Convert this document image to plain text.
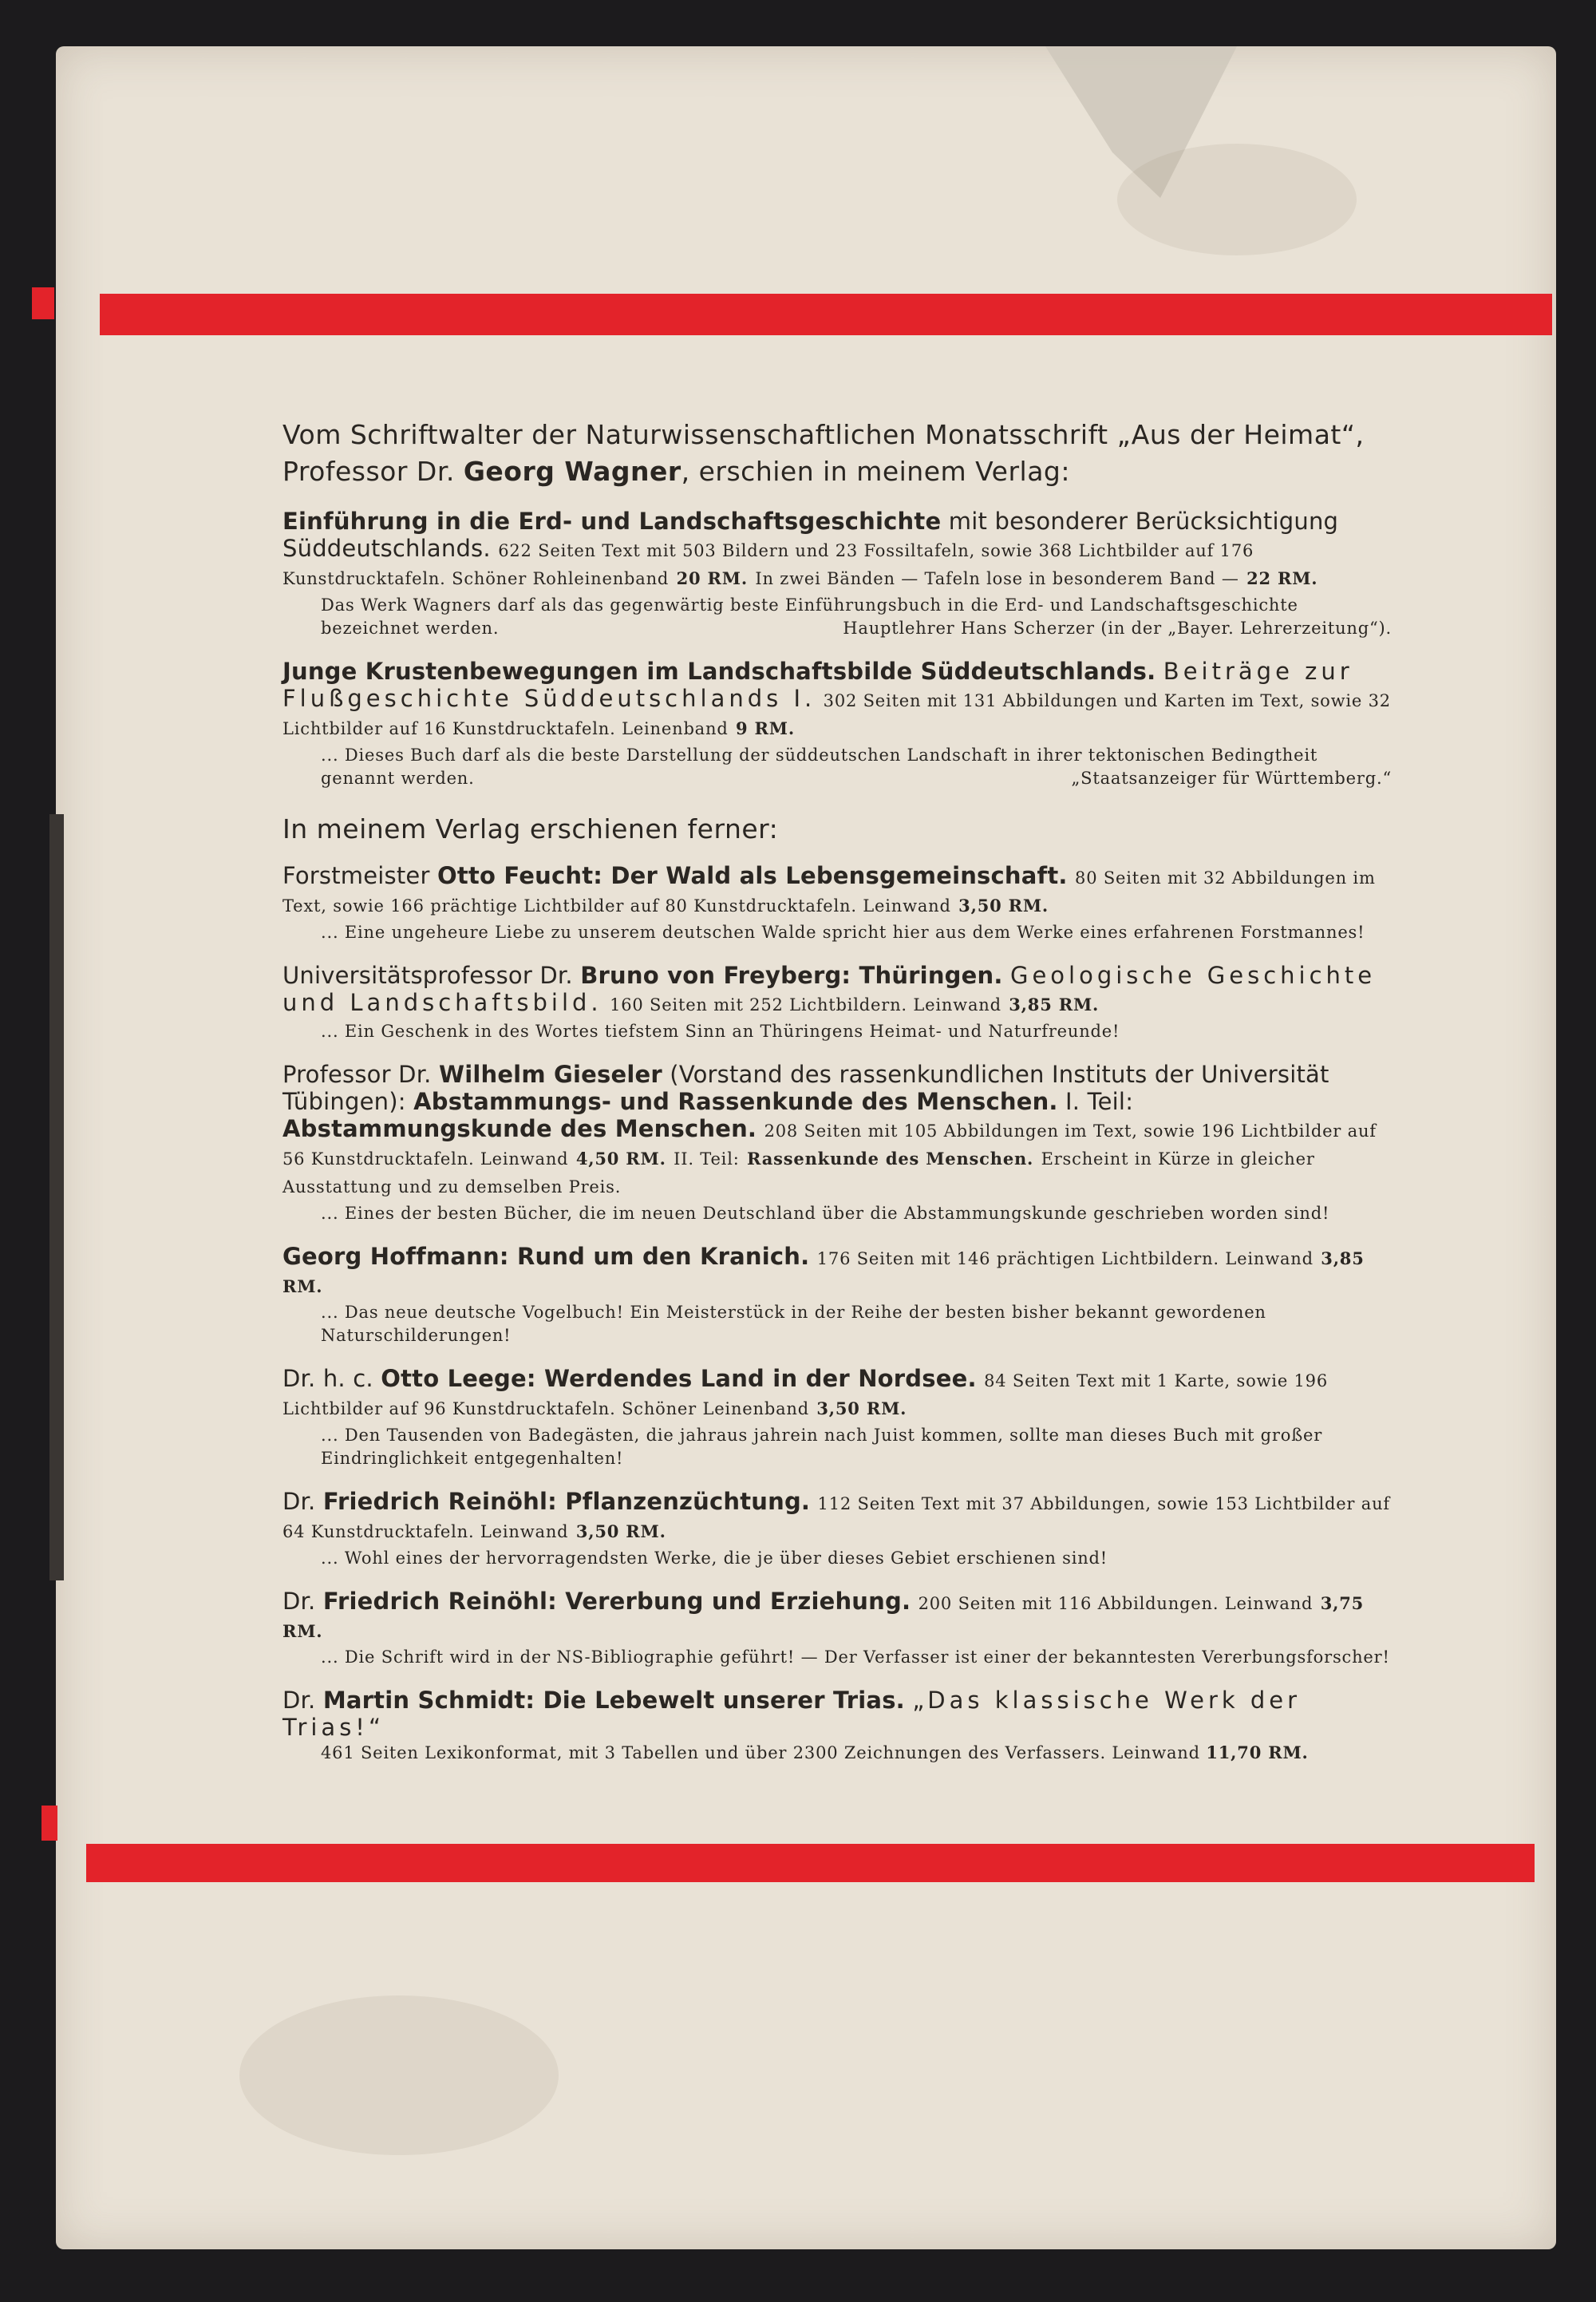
Vom Schriftwalter der Naturwissenschaftlichen Monatsschrift „Aus der Heimat“,
Professor Dr. Georg Wagner, erschien in meinem Verlag:
Einführung in die Erd- und Landschaftsgeschichte mit besonderer Berücksichtigung Süddeutschlands. 622 Seiten Text mit 503 Bildern und 23 Fossiltafeln, sowie 368 Lichtbilder auf 176 Kunstdrucktafeln. Schöner Rohleinenband 20 RM. In zwei Bänden — Tafeln lose in besonderem Band — 22 RM.
Das Werk Wagners darf als das gegenwärtig beste Einführungsbuch in die Erd- und Landschaftsgeschichte bezeichnet werden.	Hauptlehrer Hans Scherzer (in der „Bayer. Lehrerzeitung“).
Junge Krustenbewegungen im Landschaftsbilde Süddeutschlands. Beiträge zur Flußgeschichte Süddeutschlands I. 302 Seiten mit 131 Abbildungen und Karten im Text, sowie 32 Lichtbilder auf 16 Kunstdrucktafeln. Leinenband 9 RM.
... Dieses Buch darf als die beste Darstellung der süddeutschen Landschaft in ihrer tektonischen Bedingtheit genannt werden.	„Staatsanzeiger für Württemberg.“
In meinem Verlag erschienen ferner:
Forstmeister Otto Feucht: Der Wald als Lebensgemeinschaft. 80 Seiten mit 32 Abbildungen im Text, sowie 166 prächtige Lichtbilder auf 80 Kunstdrucktafeln. Leinwand 3,50 RM.
... Eine ungeheure Liebe zu unserem deutschen Walde spricht hier aus dem Werke eines erfahrenen Forstmannes!
Universitätsprofessor Dr. Bruno von Freyberg: Thüringen. Geologische Geschichte und Landschaftsbild. 160 Seiten mit 252 Lichtbildern. Leinwand 3,85 RM.
... Ein Geschenk in des Wortes tiefstem Sinn an Thüringens Heimat- und Naturfreunde!
Professor Dr. Wilhelm Gieseler (Vorstand des rassenkundlichen Instituts der Universität Tübingen): Abstammungs- und Rassenkunde des Menschen. I. Teil: Abstammungskunde des Menschen. 208 Seiten mit 105 Abbildungen im Text, sowie 196 Lichtbilder auf 56 Kunstdrucktafeln. Leinwand 4,50 RM. II. Teil: Rassenkunde des Menschen. Erscheint in Kürze in gleicher Ausstattung und zu demselben Preis.
... Eines der besten Bücher, die im neuen Deutschland über die Abstammungskunde geschrieben worden sind!
Georg Hoffmann: Rund um den Kranich. 176 Seiten mit 146 prächtigen Lichtbildern. Leinwand 3,85 RM.
... Das neue deutsche Vogelbuch! Ein Meisterstück in der Reihe der besten bisher bekannt gewordenen Naturschilderungen!
Dr. h. c. Otto Leege: Werdendes Land in der Nordsee. 84 Seiten Text mit 1 Karte, sowie 196 Lichtbilder auf 96 Kunstdrucktafeln. Schöner Leinenband 3,50 RM.
... Den Tausenden von Badegästen, die jahraus jahrein nach Juist kommen, sollte man dieses Buch mit großer Eindringlichkeit entgegenhalten!
Dr. Friedrich Reinöhl: Pflanzenzüchtung. 112 Seiten Text mit 37 Abbildungen, sowie 153 Lichtbilder auf 64 Kunstdrucktafeln. Leinwand 3,50 RM.
... Wohl eines der hervorragendsten Werke, die je über dieses Gebiet erschienen sind!
Dr. Friedrich Reinöhl: Vererbung und Erziehung. 200 Seiten mit 116 Abbildungen. Leinwand 3,75 RM.
... Die Schrift wird in der NS-Bibliographie geführt! — Der Verfasser ist einer der bekanntesten Vererbungsforscher!
Dr. Martin Schmidt: Die Lebewelt unserer Trias. „Das klassische Werk der Trias!“
461 Seiten Lexikonformat, mit 3 Tabellen und über 2300 Zeichnungen des Verfassers. Leinwand 11,70 RM.
